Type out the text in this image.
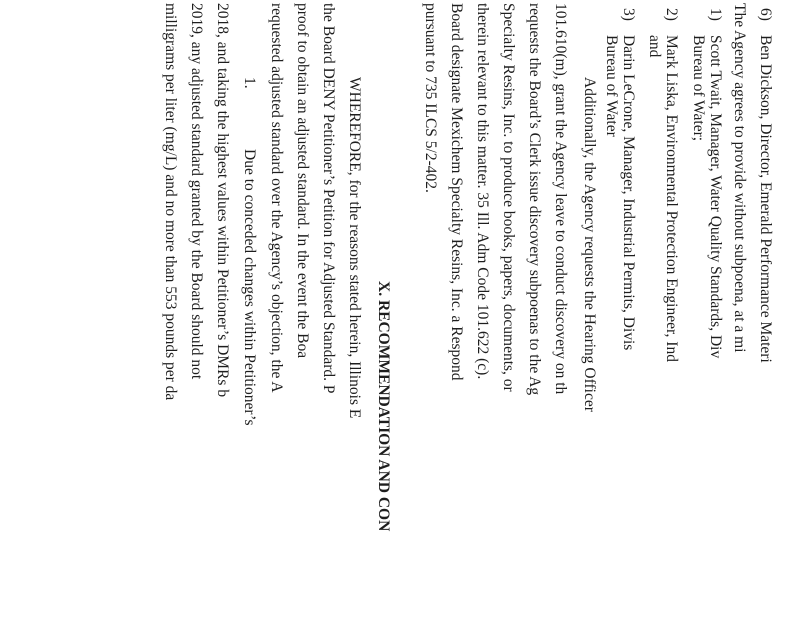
6)
Ben Dickson, Director, Emerald Performance Materi
The Agency agrees to provide without subpoena, at a mi
1)
Scott Twait, Manager, Water Quality Standards, Div
Bureau of Water;
2)
Mark Liska, Environmental Protection Engineer, Ind
and
3)
Darin LeCrone, Manager, Industrial Permits, Divis
Bureau of Water
Additionally, the Agency requests the Hearing Officer
101.610(m), grant the Agency leave to conduct discovery on th
requests the Board’s Clerk issue discovery subpoenas to the Ag
Specialty Resins, Inc. to produce books, papers, documents, or
therein relevant to this matter. 35 Ill. Adm Code 101.622 (c).
Board designate Mexichem Specialty Resins, Inc. a Respond
pursuant to 735 ILCS 5/2-402.
X. RECOMMENDATION AND CON
WHEREFORE, for the reasons stated herein, Illinois E
the Board DENY Petitioner’s Petition for Adjusted Standard. P
proof to obtain an adjusted standard. In the event the Boa
requested adjusted standard over the Agency’s objection, the A
1.
Due to conceded changes within Petitioner’s
2018, and taking the highest values within Petitioner’s DMRs b
2019, any adjusted standard granted by the Board should not
milligrams per liter (mg/L) and no more than 553 pounds per da
